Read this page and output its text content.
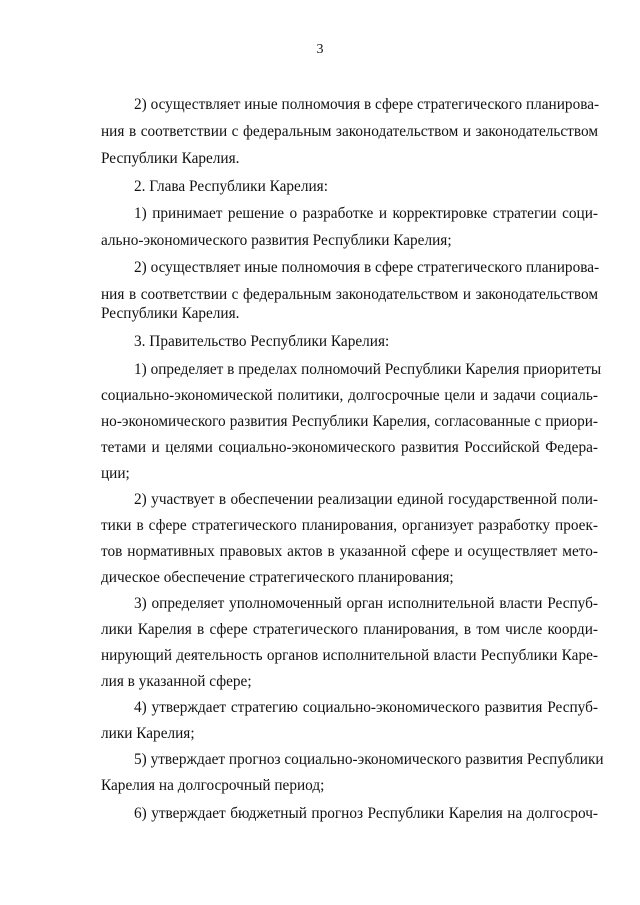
3
2) осуществляет иные полномочия в сфере стратегического планирова-
ния в соответствии с федеральным законодательством и законодательством
Республики Карелия.
2. Глава Республики Карелия:
1) принимает решение о разработке и корректировке стратегии соци-
ально-экономического развития Республики Карелия;
2) осуществляет иные полномочия в сфере стратегического планирова-
ния в соответствии с федеральным законодательством и законодательством
Республики Карелия.
3. Правительство Республики Карелия:
1) определяет в пределах полномочий Республики Карелия приоритеты
социально-экономической политики, долгосрочные цели и задачи социаль-
но-экономического развития Республики Карелия, согласованные с приори-
тетами и целями социально-экономического развития Российской Федера-
ции;
2) участвует в обеспечении реализации единой государственной поли-
тики в сфере стратегического планирования, организует разработку проек-
тов нормативных правовых актов в указанной сфере и осуществляет мето-
дическое обеспечение стратегического планирования;
3) определяет уполномоченный орган исполнительной власти Респуб-
лики Карелия в сфере стратегического планирования, в том числе коорди-
нирующий деятельность органов исполнительной власти Республики Каре-
лия в указанной сфере;
4) утверждает стратегию социально-экономического развития Респуб-
лики Карелия;
5) утверждает прогноз социально-экономического развития Республики
Карелия на долгосрочный период;
6) утверждает бюджетный прогноз Республики Карелия на долгосроч-
